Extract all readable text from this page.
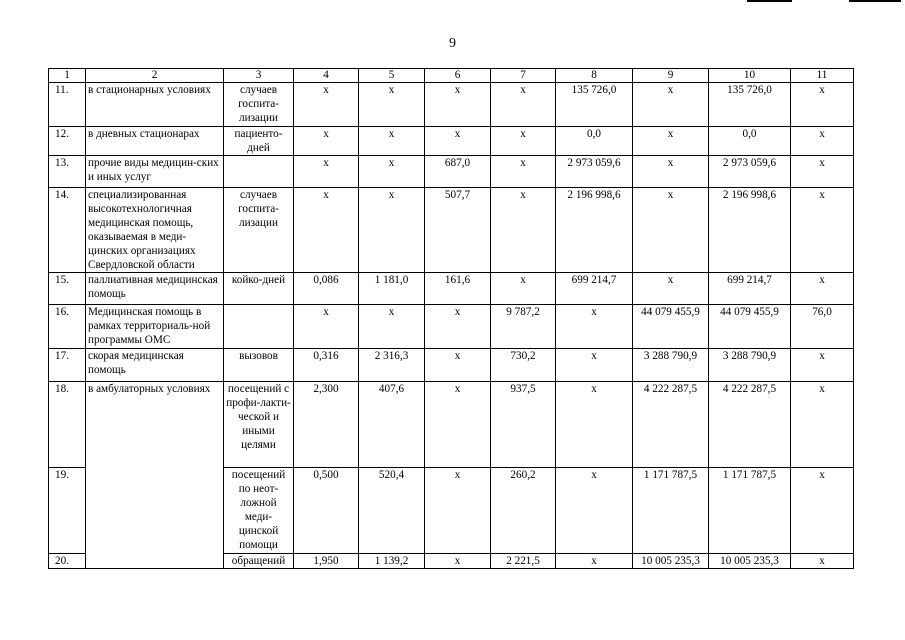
9
1	2	3	4	5	6	7	8	9	10	11
11.	в стационарных условиях	случаев госпита-лизации	x	x	x	x	135 726,0	x	135 726,0	x
12.	в дневных стационарах	пациенто-дней	x	x	x	x	0,0	x	0,0	x
13.	прочие виды медицин-ских и иных услуг		x	x	687,0	x	2 973 059,6	x	2 973 059,6	x
14.	специализированная высокотехнологичная медицинская помощь, оказываемая в меди-цинских организациях Свердловской области	случаев госпита-лизации	x	x	507,7	x	2 196 998,6	x	2 196 998,6	x
15.	паллиативная медицинская помощь	койко-дней	0,086	1 181,0	161,6	x	699 214,7	x	699 214,7	x
16.	Медицинская помощь в рамках территориаль-ной программы ОМС		x	x	x	9 787,2	x	44 079 455,9	44 079 455,9	76,0
17.	скорая медицинская помощь	вызовов	0,316	2 316,3	x	730,2	x	3 288 790,9	3 288 790,9	x
18.	в амбулаторных условиях	посещений с профи-лакти-ческой и иными целями	2,300	407,6	x	937,5	x	4 222 287,5	4 222 287,5	x
19.		посещений по неот-ложной меди-цинской помощи	0,500	520,4	x	260,2	x	1 171 787,5	1 171 787,5	x
20.		обращений	1,950	1 139,2	x	2 221,5	x	10 005 235,3	10 005 235,3	x
